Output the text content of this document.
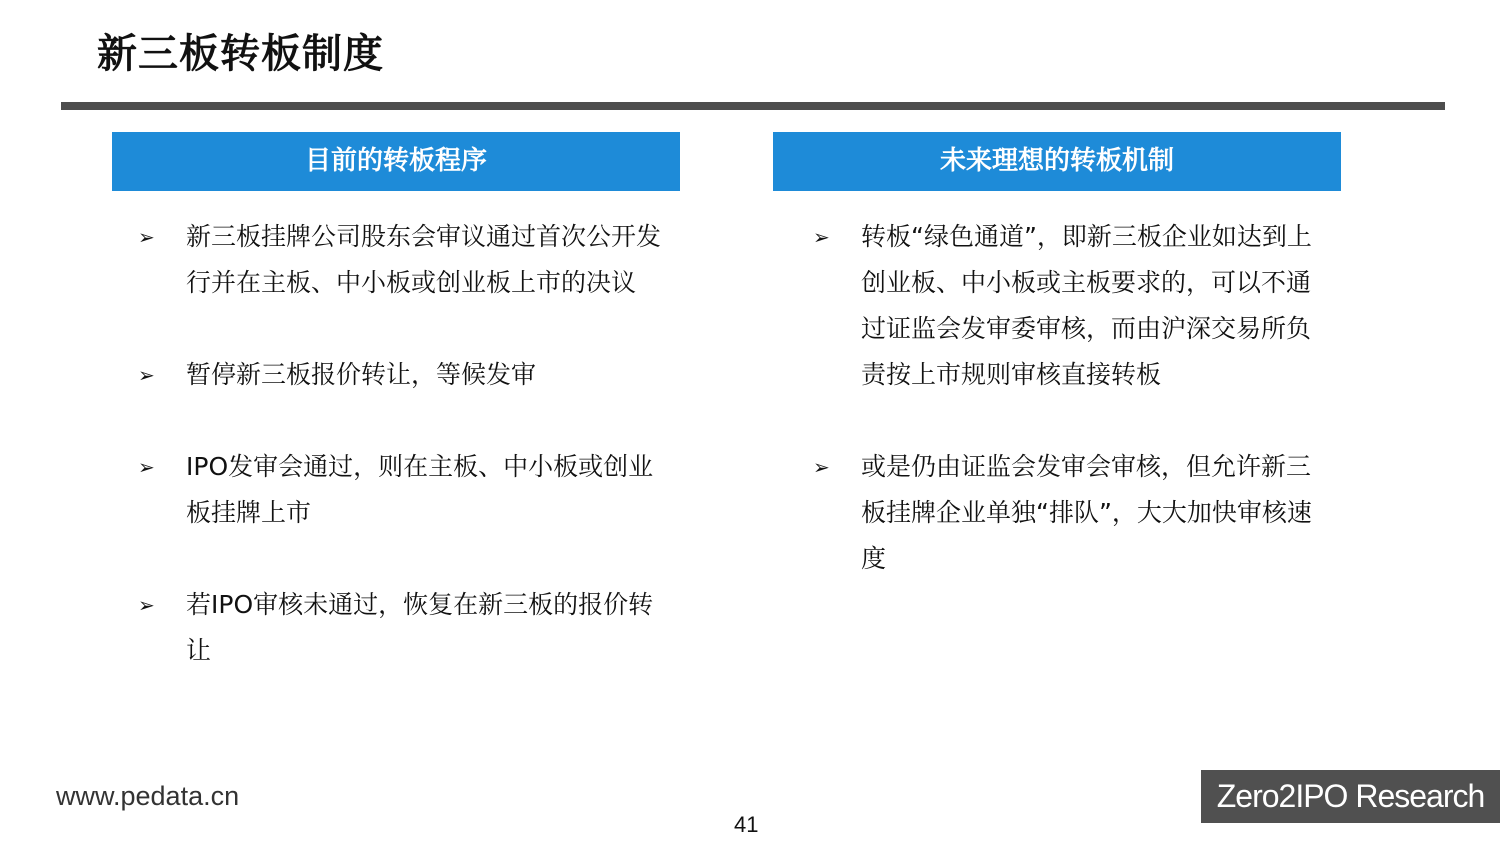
新三板转板制度
目前的转板程序
➢ 新三板挂牌公司股东会审议通过首次公开发行并在主板、中小板或创业板上市的决议
➢ 暂停新三板报价转让，等候发审
➢ IPO发审会通过，则在主板、中小板或创业板挂牌上市
➢ 若IPO审核未通过，恢复在新三板的报价转让
未来理想的转板机制
➢ 转板“绿色通道”，即新三板企业如达到上创业板、中小板或主板要求的，可以不通过证监会发审委审核，而由沪深交易所负责按上市规则审核直接转板
➢ 或是仍由证监会发审会审核，但允许新三板挂牌企业单独“排队”，大大加快审核速度
www.pedata.cn
41
Zero2IPO Research
